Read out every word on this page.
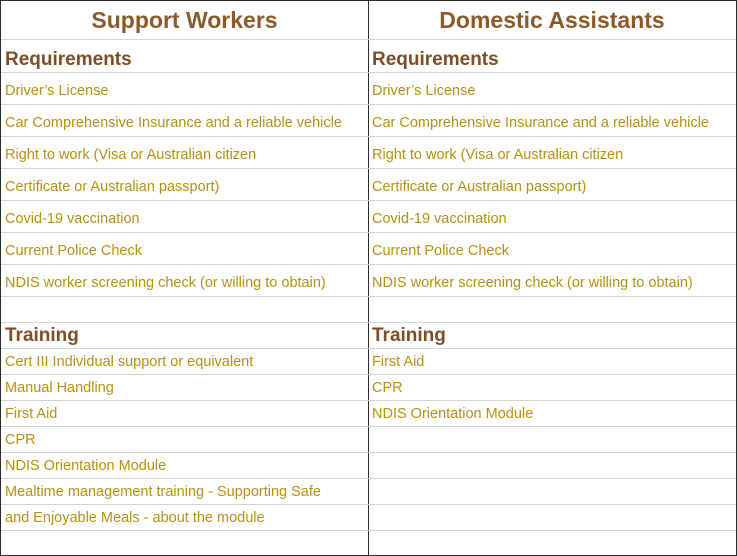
Support Workers
Requirements
Driver’s License
Car Comprehensive Insurance and a reliable vehicle
Right to work (Visa or Australian citizen
Certificate or Australian passport)
Covid-19 vaccination
Current Police Check
NDIS worker screening check (or willing to obtain)
Training
Cert III Individual support or equivalent
Manual Handling
First Aid
CPR
NDIS Orientation Module
Mealtime management training - Supporting Safe
and Enjoyable Meals - about the module
Domestic Assistants
Requirements
Driver’s License
Car Comprehensive Insurance and a reliable vehicle
Right to work (Visa or Australian citizen
Certificate or Australian passport)
Covid-19 vaccination
Current Police Check
NDIS worker screening check (or willing to obtain)
Training
First Aid
CPR
NDIS Orientation Module
